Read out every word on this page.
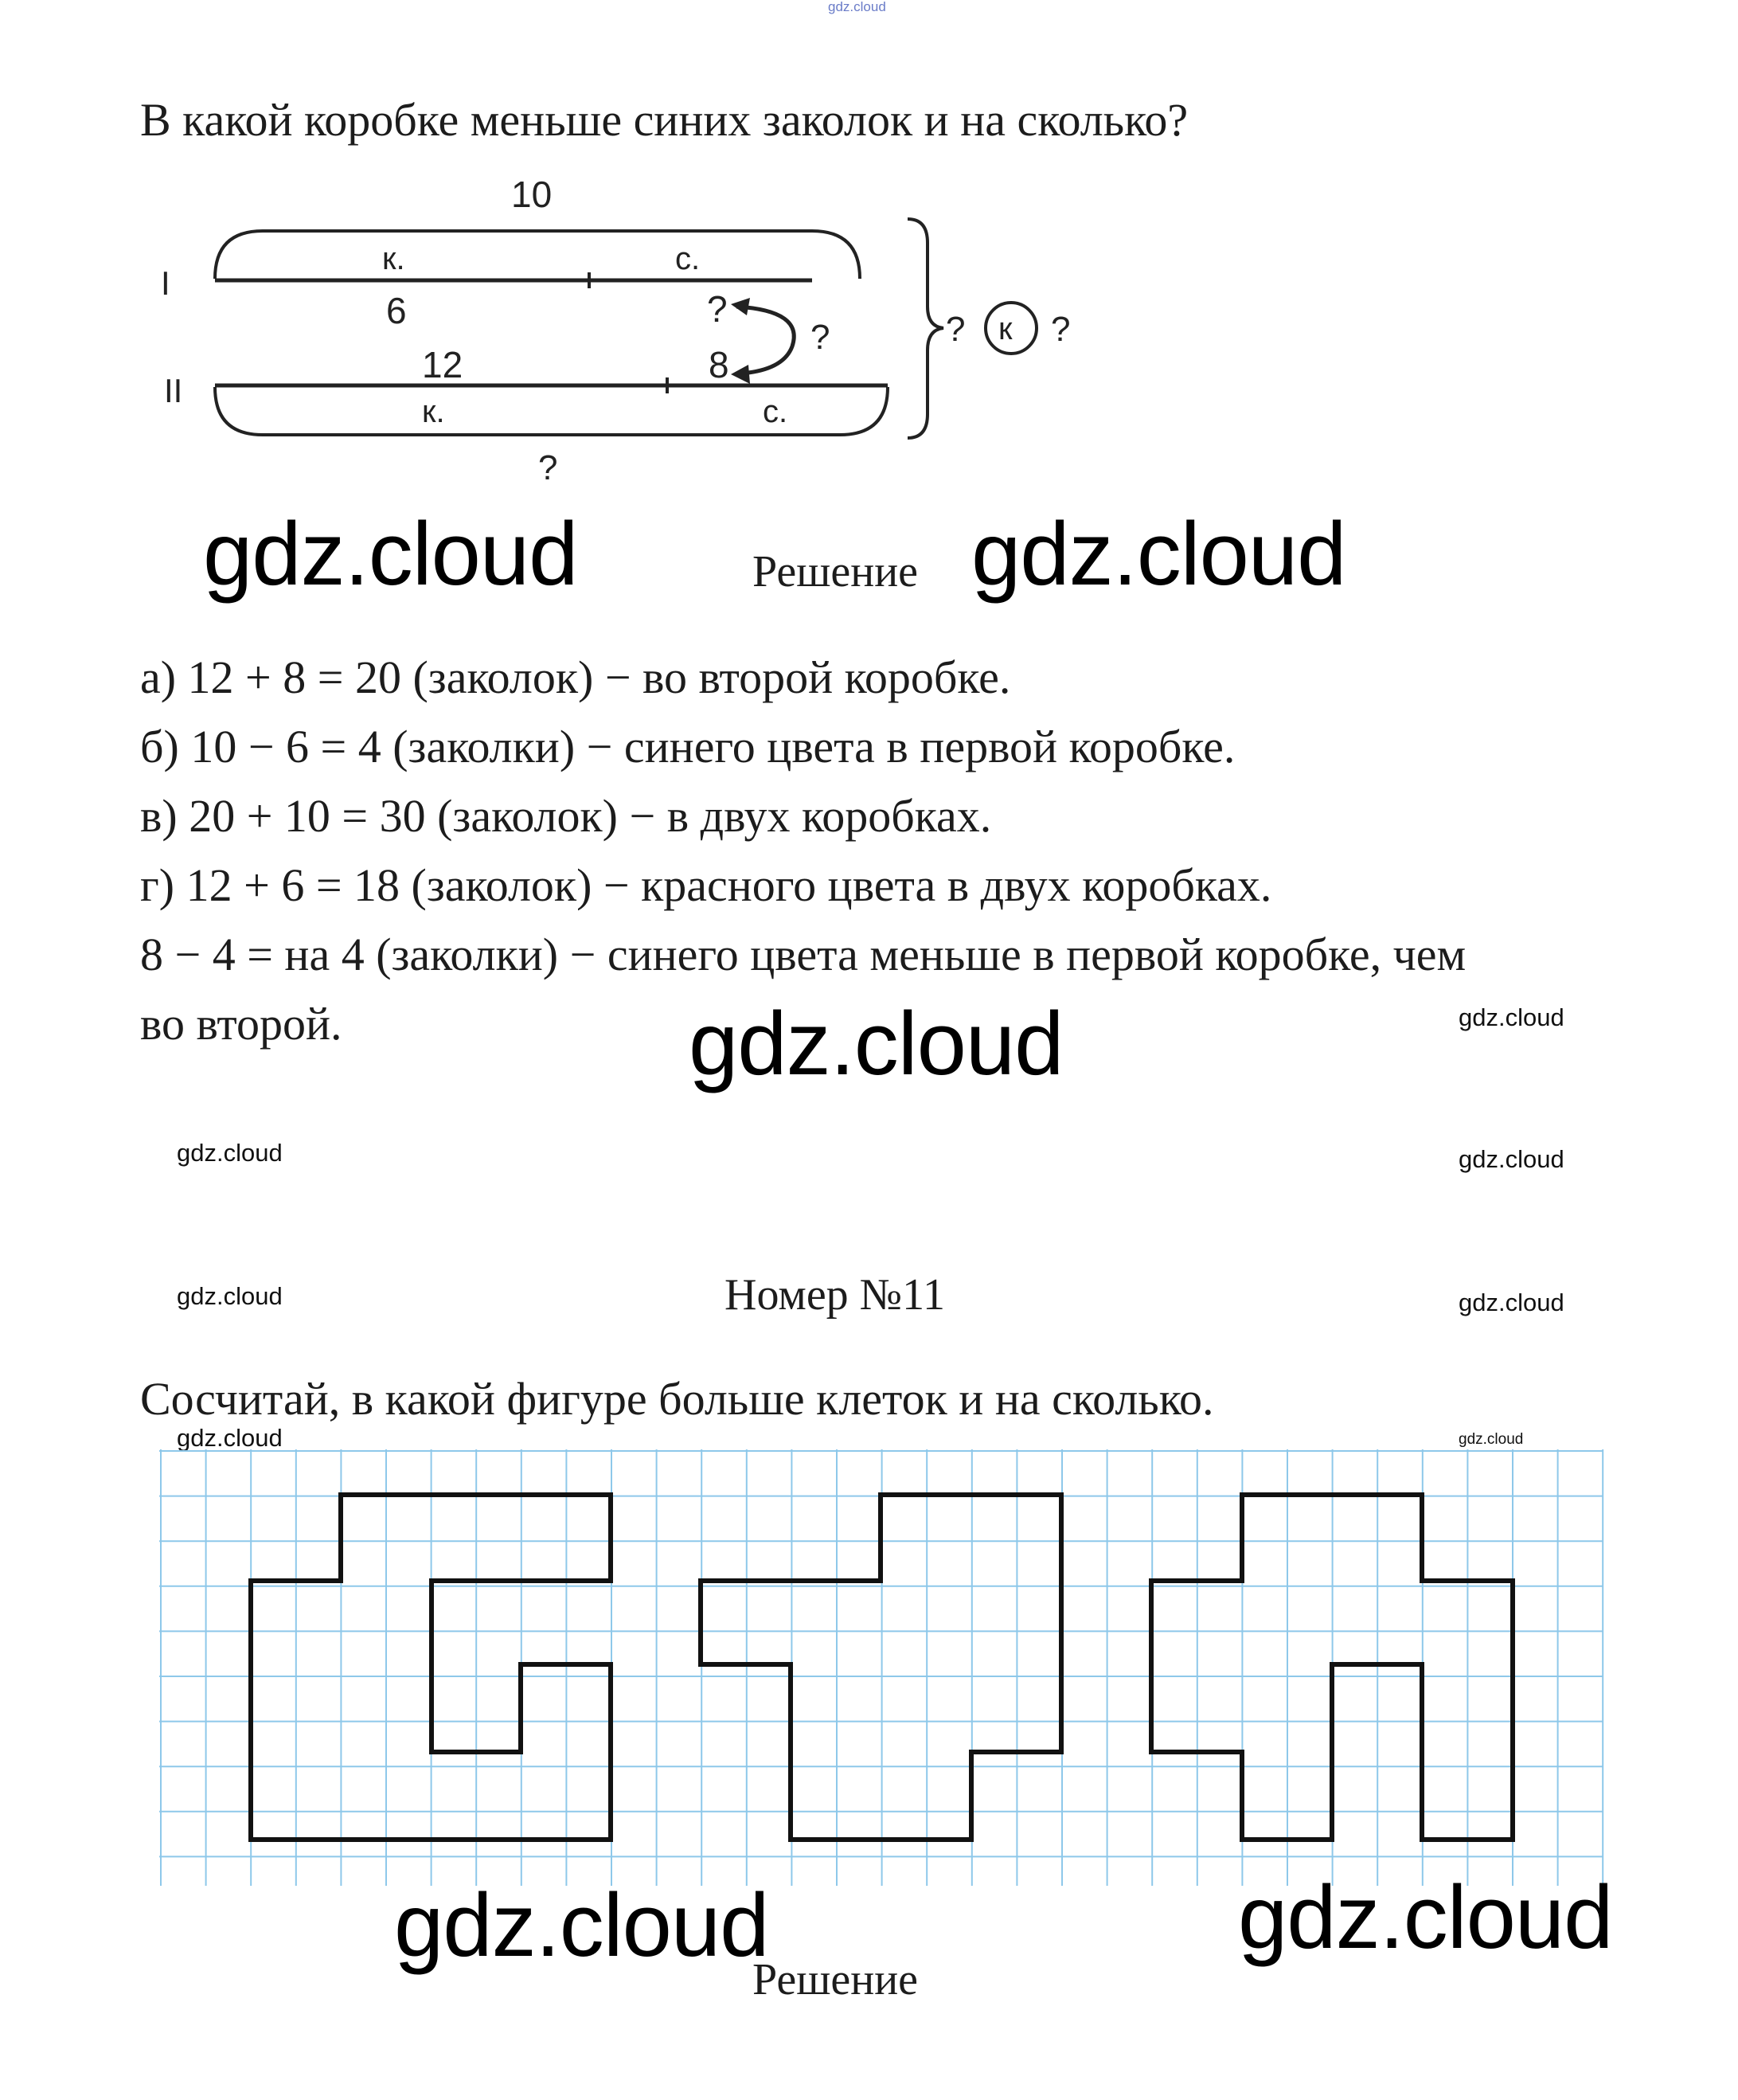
gdz.cloud
В какой коробке меньше синих заколок и на сколько?
I
II
10
к.	с.
6	?
?
12	8
к.	с.
?
? к ?
gdz.cloud	Решение gdz.cloud
а) 12 + 8 = 20 (заколок) − во второй коробке.
б) 10 − 6 = 4 (заколки) − синего цвета в первой коробке.
в) 20 + 10 = 30 (заколок) − в двух коробках.
г) 12 + 6 = 18 (заколок) − красного цвета в двух коробках.
8 − 4 = на 4 (заколки) − синего цвета меньше в первой коробке, чем
во второй.	gdz.cloud	gdz.cloud
gdz.cloud	gdz.cloud
gdz.cloud	Номер №11	gdz.cloud
Сосчитай, в какой фигуре больше клеток и на сколько.
gdz.cloud	gdz.cloud
gdz.cloud	gdz.cloud
Решение
